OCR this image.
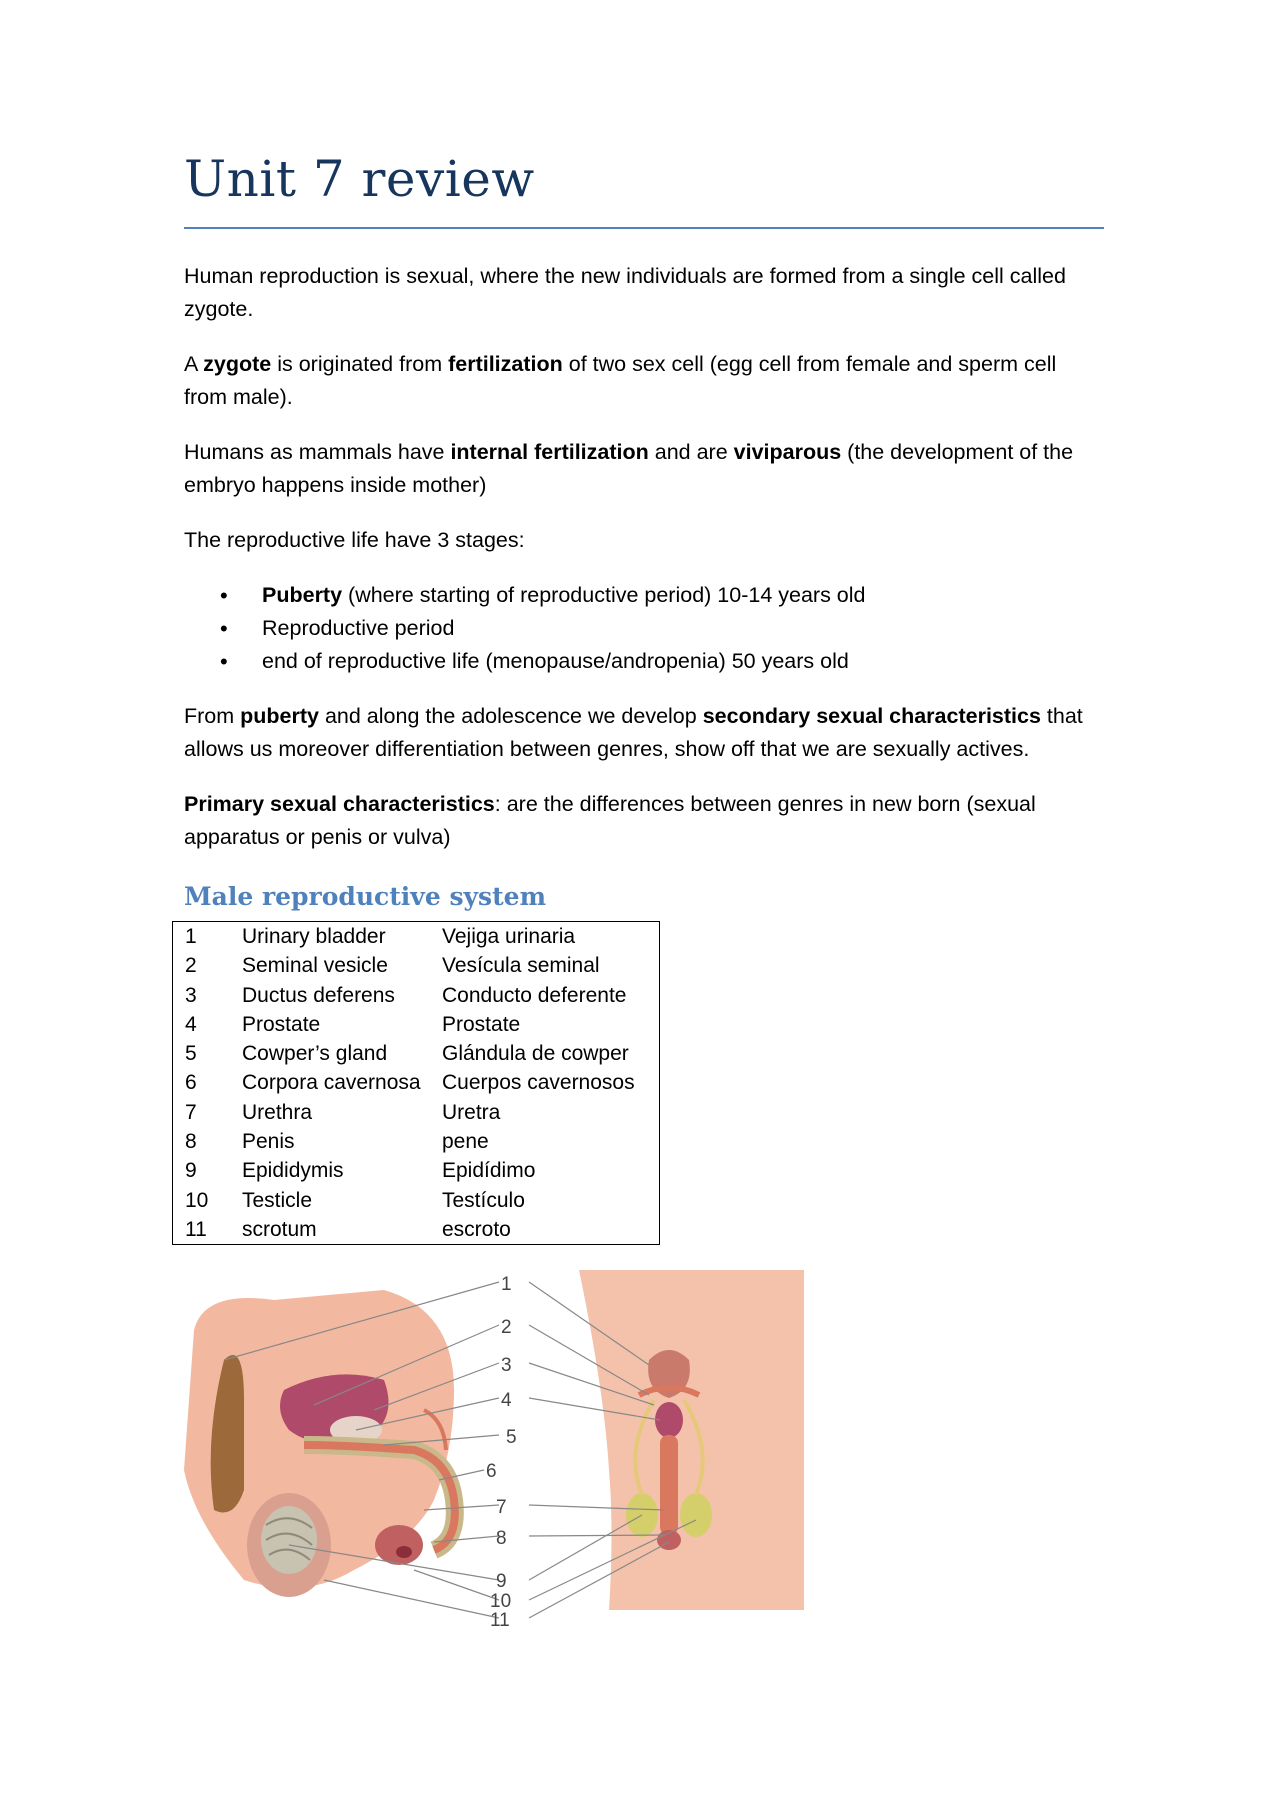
Unit 7 review

Human reproduction is sexual, where the new individuals are formed from a single cell called zygote.

A zygote is originated from fertilization of two sex cell (egg cell from female and sperm cell from male).

Humans as mammals have internal fertilization and are viviparous (the development of the embryo happens inside mother)

The reproductive life have 3 stages:

• Puberty (where starting of reproductive period) 10-14 years old
• Reproductive period
• end of reproductive life (menopause/andropenia) 50 years old

From puberty and along the adolescence we develop secondary sexual characteristics that allows us moreover differentiation between genres, show off that we are sexually actives.

Primary sexual characteristics: are the differences between genres in new born (sexual apparatus or penis or vulva)

Male reproductive system
1	Urinary bladder	Vejiga urinaria
2	Seminal vesicle	Vesícula seminal
3	Ductus deferens	Conducto deferente
4	Prostate	Prostate
5	Cowper’s gland	Glándula de cowper
6	Corpora cavernosa	Cuerpos cavernosos
7	Urethra	Uretra
8	Penis	pene
9	Epididymis	Epidídimo
10	Testicle	Testículo
11	scrotum	escroto
1
2
3
4
5
6
7
8
9
10
11
